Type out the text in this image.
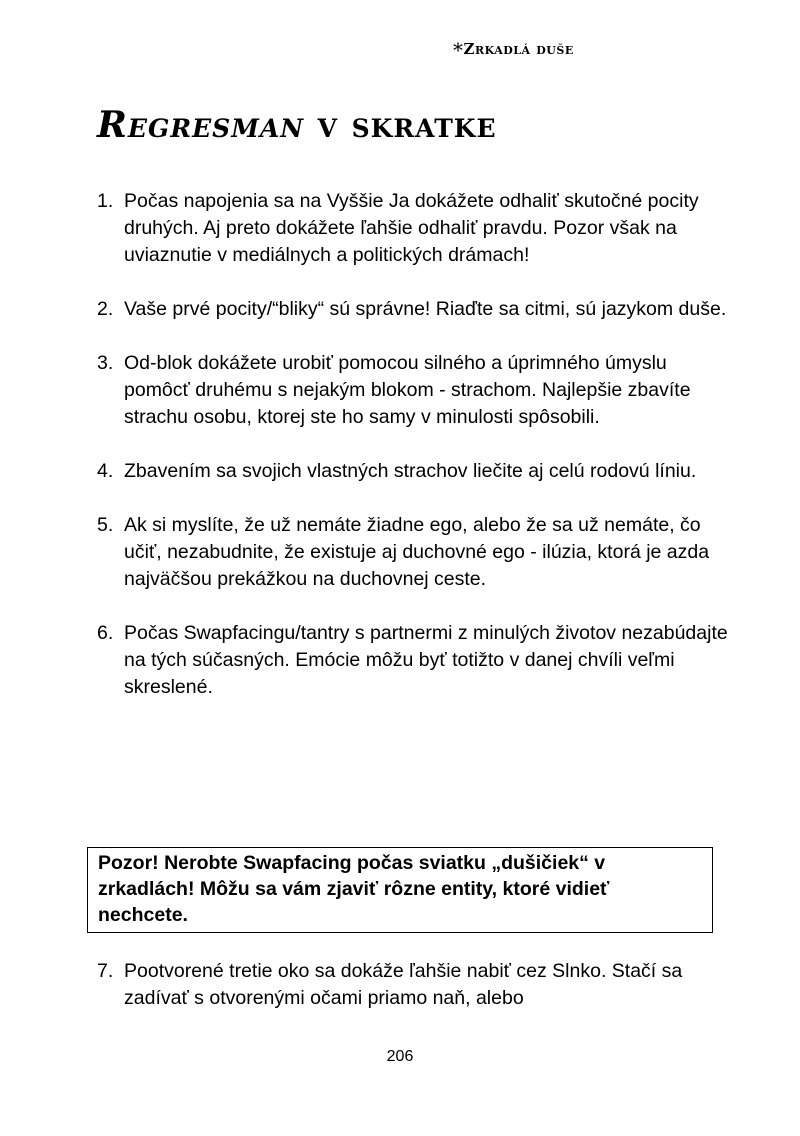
*Zrkadlá duše
Regresman v skratke
1. Počas napojenia sa na Vyššie Ja dokážete odhaliť skutočné pocity druhých. Aj preto dokážete ľahšie odhaliť pravdu. Pozor však na uviaznutie v mediálnych a politických drámach!
2. Vaše prvé pocity/“bliky“ sú správne! Riaďte sa citmi, sú jazykom duše.
3. Od-blok dokážete urobiť pomocou silného a úprimného úmyslu pomôcť druhému s nejakým blokom - strachom. Najlepšie zbavíte strachu osobu, ktorej ste ho samy v minulosti spôsobili.
4. Zbavením sa svojich vlastných strachov liečite aj celú rodovú líniu.
5. Ak si myslíte, že už nemáte žiadne ego, alebo že sa už nemáte, čo učiť, nezabudnite, že existuje aj duchovné ego - ilúzia, ktorá je azda najväčšou prekážkou na duchovnej ceste.
6. Počas Swapfacingu/tantry s partnermi z minulých životov nezabúdajte na tých súčasných. Emócie môžu byť totižto v danej chvíli veľmi skreslené.
Pozor! Nerobte Swapfacing počas sviatku „dušičiek“ v zrkadlách! Môžu sa vám zjaviť rôzne entity, ktoré vidieť nechcete.
7. Pootvorené tretie oko sa dokáže ľahšie nabiť cez Slnko. Stačí sa zadívať s otvorenými očami priamo naň, alebo
206
